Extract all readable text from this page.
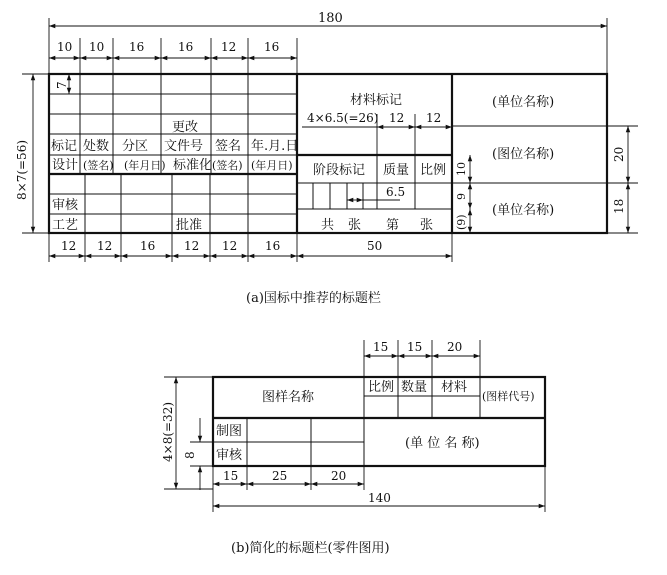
180
10 10 16	16 12 16
8×7(=56)
7
更改
标记 处数 分区 文件号 签名 年.月.日
设计 (签名) (年月日) 标准化 (签名) (年月日)
审核
工艺	批准
材料标记
4×6.5(=26) 12 12
阶段标记 质量 比例
6.5
共 张 第 张
10
9
(9)
(单位名称)
(图位名称)
(单位名称)
20
18
12 12 16 12 12 16	50
(a)国标中推荐的标题栏
15 15 20
4×8(=32) 8
图样名称
比例 数量 材料
(图样代号)
制图
审核
(单 位 名 称)
15	25	20
140
(b)简化的标题栏(零件图用)
